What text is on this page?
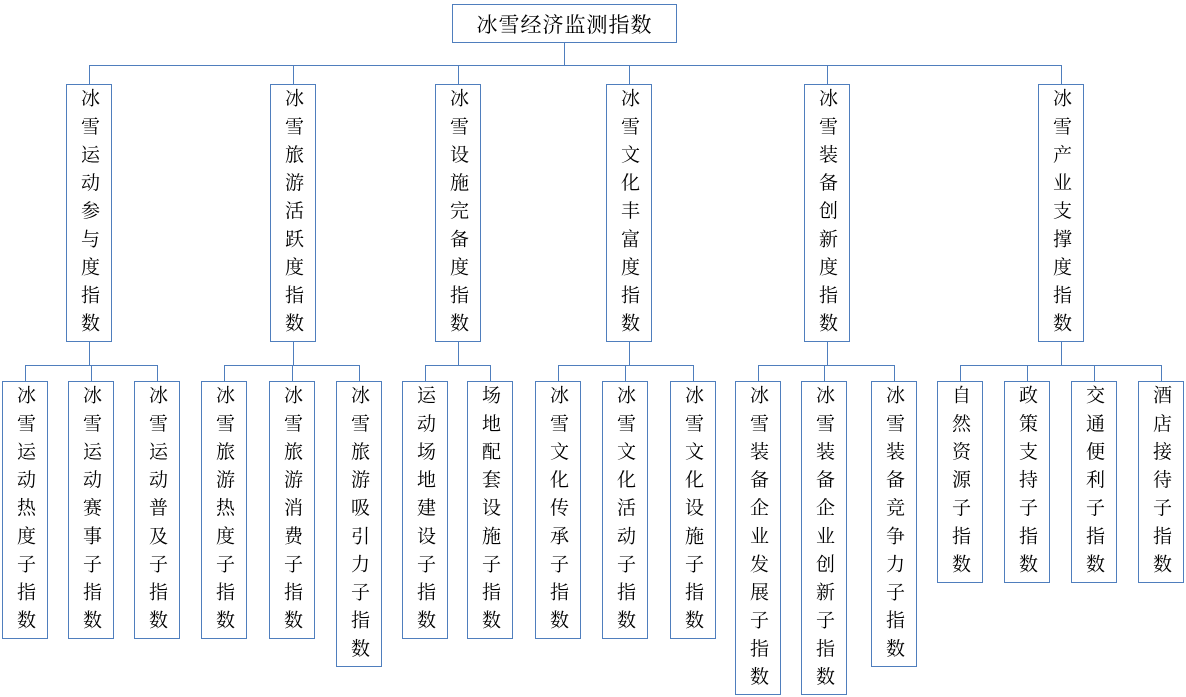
冰雪经济监测指数
冰雪运动参与度指数	冰雪旅游活跃度指数	冰雪设施完备度指数	冰雪文化丰富度指数	冰雪装备创新度指数	冰雪产业支撑度指数
冰雪运动热度子指数	冰雪运动赛事子指数	冰雪运动普及子指数	冰雪旅游热度子指数	冰雪旅游消费子指数	冰雪旅游吸引力子指数	运动场地建设子指数	场地配套设施子指数	冰雪文化传承子指数	冰雪文化活动子指数	冰雪文化设施子指数	冰雪装备企业发展子指数	冰雪装备企业创新子指数	冰雪装备竞争力子指数	自然资源子指数	政策支持子指数	交通便利子指数	酒店接待子指数
